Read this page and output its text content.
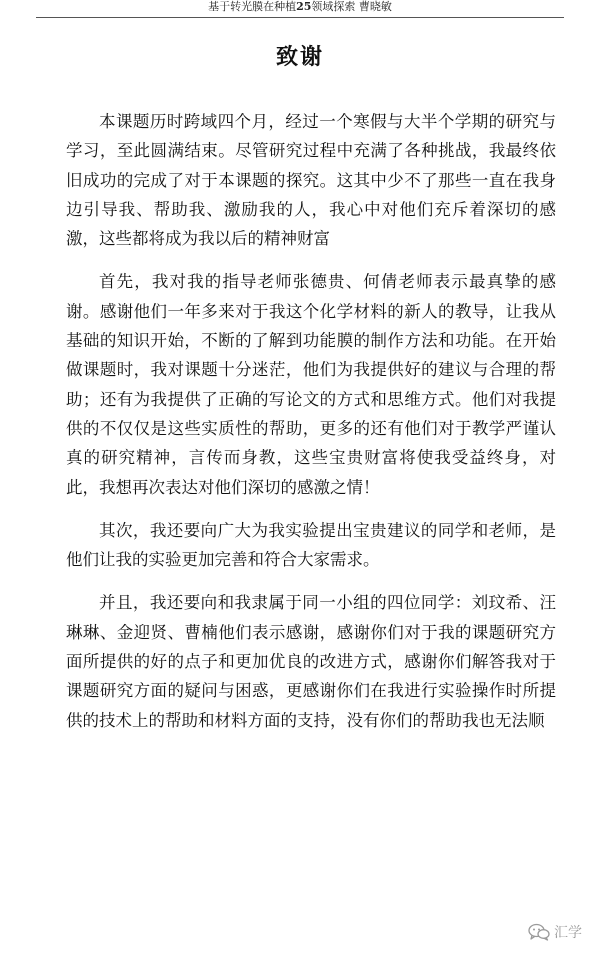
基于转光膜在种植25领域探索 曹晓敏
致谢

本课题历时跨域四个月，经过一个寒假与大半个学期的研究与学习，至此圆满结束。尽管研究过程中充满了各种挑战，我最终依旧成功的完成了对于本课题的探究。这其中少不了那些一直在我身边引导我、帮助我、激励我的人，我心中对他们充斥着深切的感激，这些都将成为我以后的精神财富

首先，我对我的指导老师张德贵、何倩老师表示最真挚的感谢。感谢他们一年多来对于我这个化学材料的新人的教导，让我从基础的知识开始，不断的了解到功能膜的制作方法和功能。在开始做课题时，我对课题十分迷茫，他们为我提供好的建议与合理的帮助；还有为我提供了正确的写论文的方式和思维方式。他们对我提供的不仅仅是这些实质性的帮助，更多的还有他们对于教学严谨认真的研究精神，言传而身教，这些宝贵财富将使我受益终身，对此，我想再次表达对他们深切的感激之情！

其次，我还要向广大为我实验提出宝贵建议的同学和老师，是他们让我的实验更加完善和符合大家需求。

并且，我还要向和我隶属于同一小组的四位同学：刘玟希、汪琳琳、金迎贤、曹楠他们表示感谢，感谢你们对于我的课题研究方面所提供的好的点子和更加优良的改进方式，感谢你们解答我对于课题研究方面的疑问与困惑，更感谢你们在我进行实验操作时所提供的技术上的帮助和材料方面的支持，没有你们的帮助我也无法顺

汇学
